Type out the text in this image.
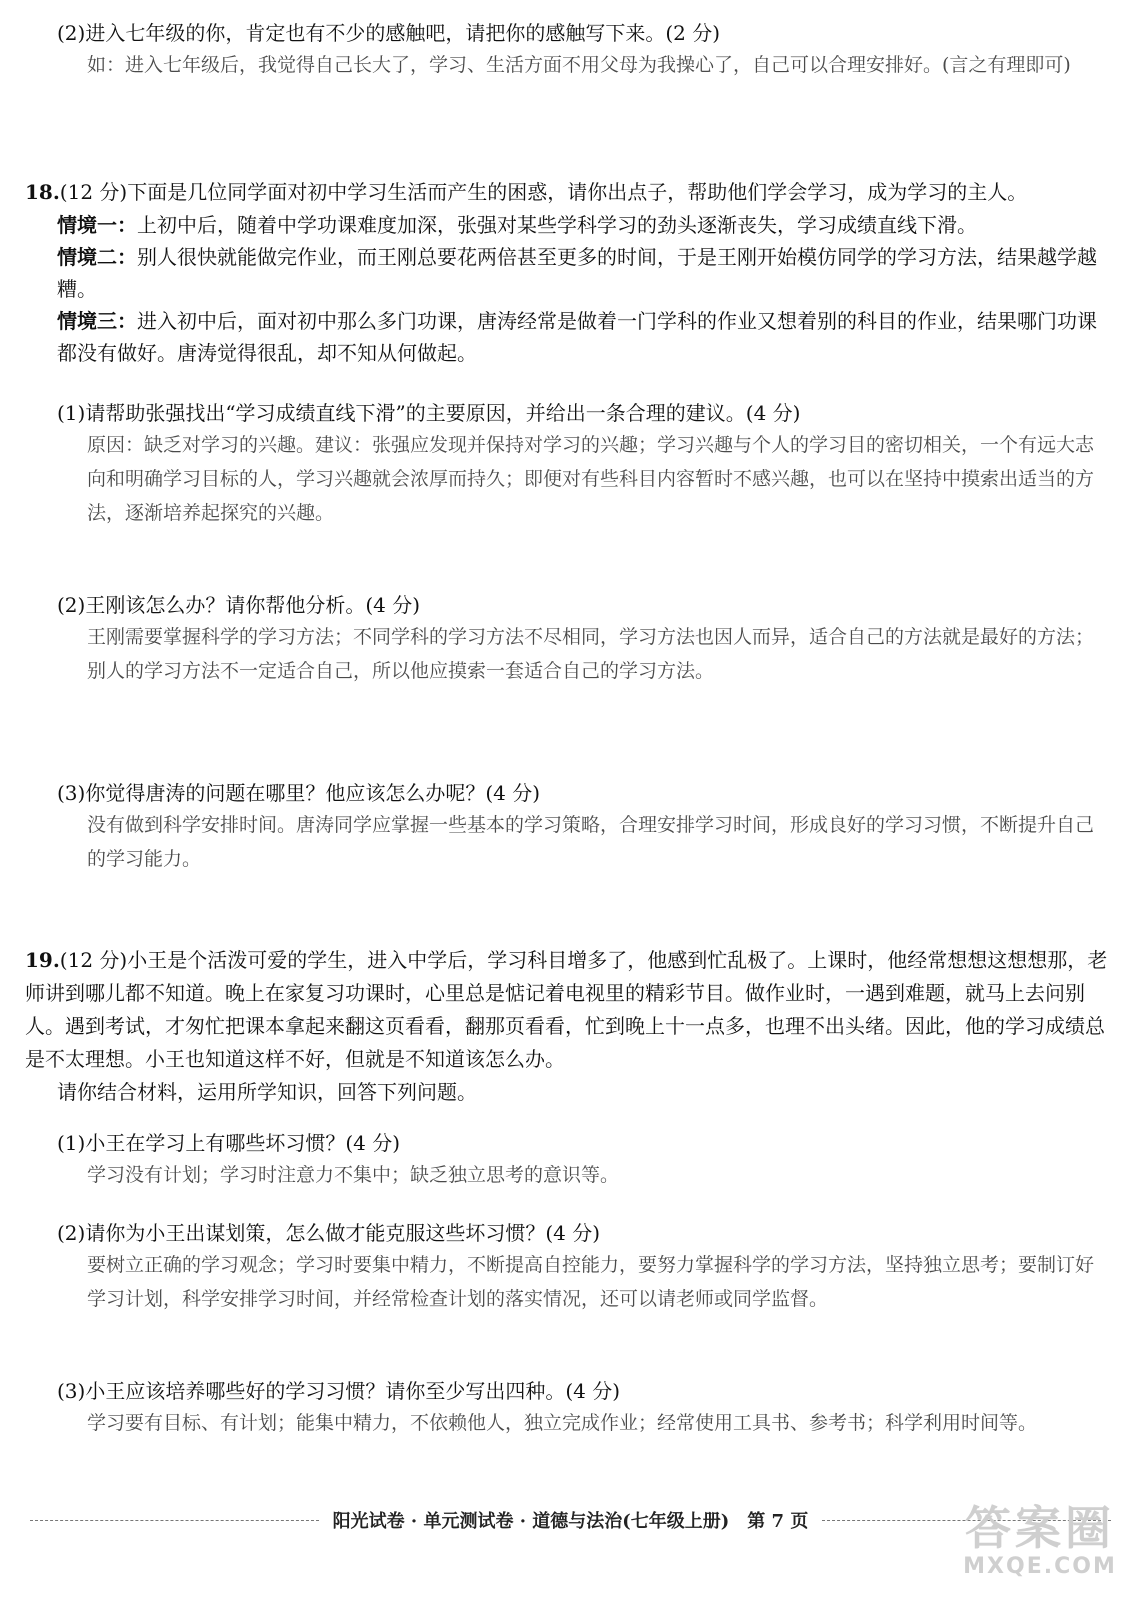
(2)进入七年级的你，肯定也有不少的感触吧，请把你的感触写下来。(2 分)
如：进入七年级后，我觉得自己长大了，学习、生活方面不用父母为我操心了，自己可以合理安排好。(言之有理即可)
18.(12 分)下面是几位同学面对初中学习生活而产生的困惑，请你出点子，帮助他们学会学习，成为学习的主人。
情境一：上初中后，随着中学功课难度加深，张强对某些学科学习的劲头逐渐丧失，学习成绩直线下滑。
情境二：别人很快就能做完作业，而王刚总要花两倍甚至更多的时间，于是王刚开始模仿同学的学习方法，结果越学越糟。
情境三：进入初中后，面对初中那么多门功课，唐涛经常是做着一门学科的作业又想着别的科目的作业，结果哪门功课都没有做好。唐涛觉得很乱，却不知从何做起。
(1)请帮助张强找出“学习成绩直线下滑”的主要原因，并给出一条合理的建议。(4 分)
原因：缺乏对学习的兴趣。建议：张强应发现并保持对学习的兴趣；学习兴趣与个人的学习目的密切相关，一个有远大志向和明确学习目标的人，学习兴趣就会浓厚而持久；即便对有些科目内容暂时不感兴趣，也可以在坚持中摸索出适当的方法，逐渐培养起探究的兴趣。
(2)王刚该怎么办？请你帮他分析。(4 分)
王刚需要掌握科学的学习方法；不同学科的学习方法不尽相同，学习方法也因人而异，适合自己的方法就是最好的方法；别人的学习方法不一定适合自己，所以他应摸索一套适合自己的学习方法。
(3)你觉得唐涛的问题在哪里？他应该怎么办呢？(4 分)
没有做到科学安排时间。唐涛同学应掌握一些基本的学习策略，合理安排学习时间，形成良好的学习习惯，不断提升自己的学习能力。
19.(12 分)小王是个活泼可爱的学生，进入中学后，学习科目增多了，他感到忙乱极了。上课时，他经常想想这想想那，老师讲到哪儿都不知道。晚上在家复习功课时，心里总是惦记着电视里的精彩节目。做作业时，一遇到难题，就马上去问别人。遇到考试，才匆忙把课本拿起来翻这页看看，翻那页看看，忙到晚上十一点多，也理不出头绪。因此，他的学习成绩总是不太理想。小王也知道这样不好，但就是不知道该怎么办。
请你结合材料，运用所学知识，回答下列问题。
(1)小王在学习上有哪些坏习惯？(4 分)
学习没有计划；学习时注意力不集中；缺乏独立思考的意识等。
(2)请你为小王出谋划策，怎么做才能克服这些坏习惯？(4 分)
要树立正确的学习观念；学习时要集中精力，不断提高自控能力，要努力掌握科学的学习方法，坚持独立思考；要制订好学习计划，科学安排学习时间，并经常检查计划的落实情况，还可以请老师或同学监督。
(3)小王应该培养哪些好的学习习惯？请你至少写出四种。(4 分)
学习要有目标、有计划；能集中精力，不依赖他人，独立完成作业；经常使用工具书、参考书；科学利用时间等。
阳光试卷 · 单元测试卷 · 道德与法治(七年级上册)　第 7 页	答案圈
MXQE.COM
